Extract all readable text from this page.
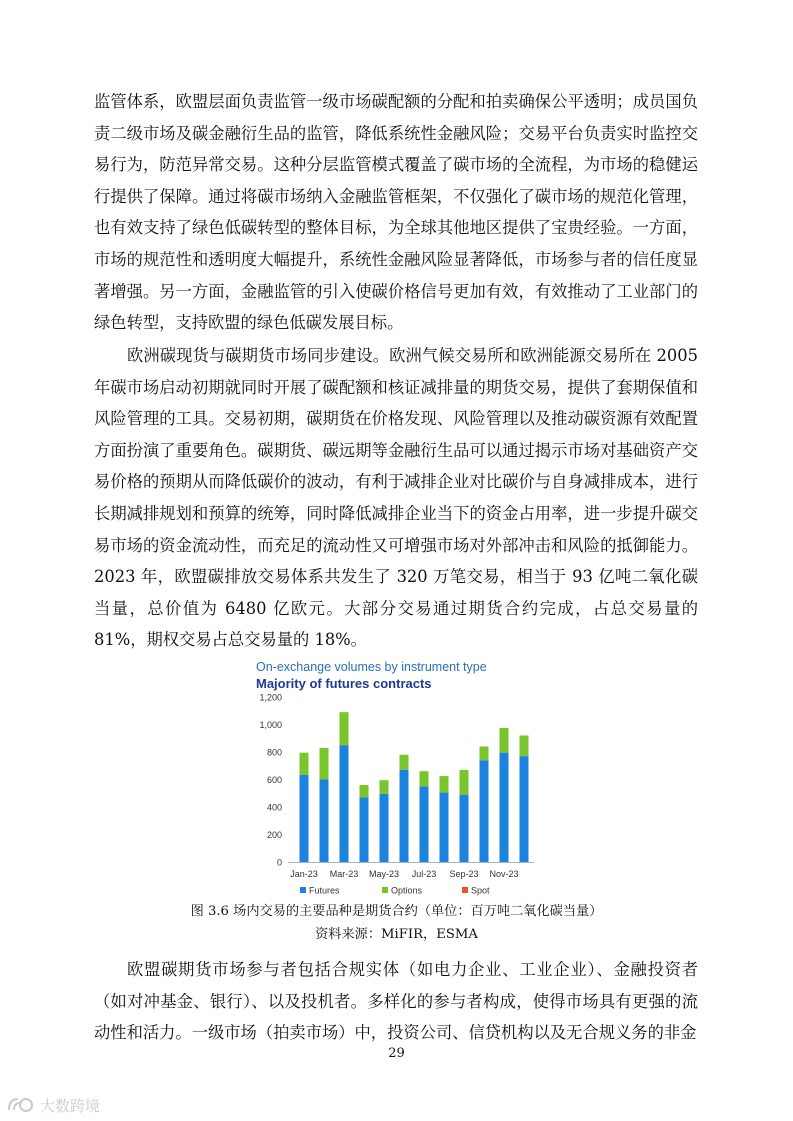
监管体系，欧盟层面负责监管一级市场碳配额的分配和拍卖确保公平透明；成员国负责二级市场及碳金融衍生品的监管，降低系统性金融风险；交易平台负责实时监控交易行为，防范异常交易。这种分层监管模式覆盖了碳市场的全流程，为市场的稳健运行提供了保障。通过将碳市场纳入金融监管框架，不仅强化了碳市场的规范化管理，也有效支持了绿色低碳转型的整体目标，为全球其他地区提供了宝贵经验。一方面，市场的规范性和透明度大幅提升，系统性金融风险显著降低，市场参与者的信任度显著增强。另一方面，金融监管的引入使碳价格信号更加有效，有效推动了工业部门的绿色转型，支持欧盟的绿色低碳发展目标。

欧洲碳现货与碳期货市场同步建设。欧洲气候交易所和欧洲能源交易所在 2005 年碳市场启动初期就同时开展了碳配额和核证减排量的期货交易，提供了套期保值和风险管理的工具。交易初期，碳期货在价格发现、风险管理以及推动碳资源有效配置方面扮演了重要角色。碳期货、碳远期等金融衍生品可以通过揭示市场对基础资产交易价格的预期从而降低碳价的波动，有利于减排企业对比碳价与自身减排成本，进行长期减排规划和预算的统筹，同时降低减排企业当下的资金占用率，进一步提升碳交易市场的资金流动性，而充足的流动性又可增强市场对外部冲击和风险的抵御能力。2023 年，欧盟碳排放交易体系共发生了 320 万笔交易，相当于 93 亿吨二氧化碳当量，总价值为 6480 亿欧元。大部分交易通过期货合约完成，占总交易量的 81%，期权交易占总交易量的 18%。

On-exchange volumes by instrument type
Majority of futures contracts
0
200
400
600
800
1,000
1,200
Jan-23 Mar-23 May-23 Jul-23 Sep-23 Nov-23
Futures	Options	Spot

图 3.6 场内交易的主要品种是期货合约（单位：百万吨二氧化碳当量）

资料来源：MiFIR，ESMA

欧盟碳期货市场参与者包括合规实体（如电力企业、工业企业）、金融投资者（如对冲基金、银行）、以及投机者。多样化的参与者构成，使得市场具有更强的流动性和活力。一级市场（拍卖市场）中，投资公司、信贷机构以及无合规义务的非金

29
大数跨境
